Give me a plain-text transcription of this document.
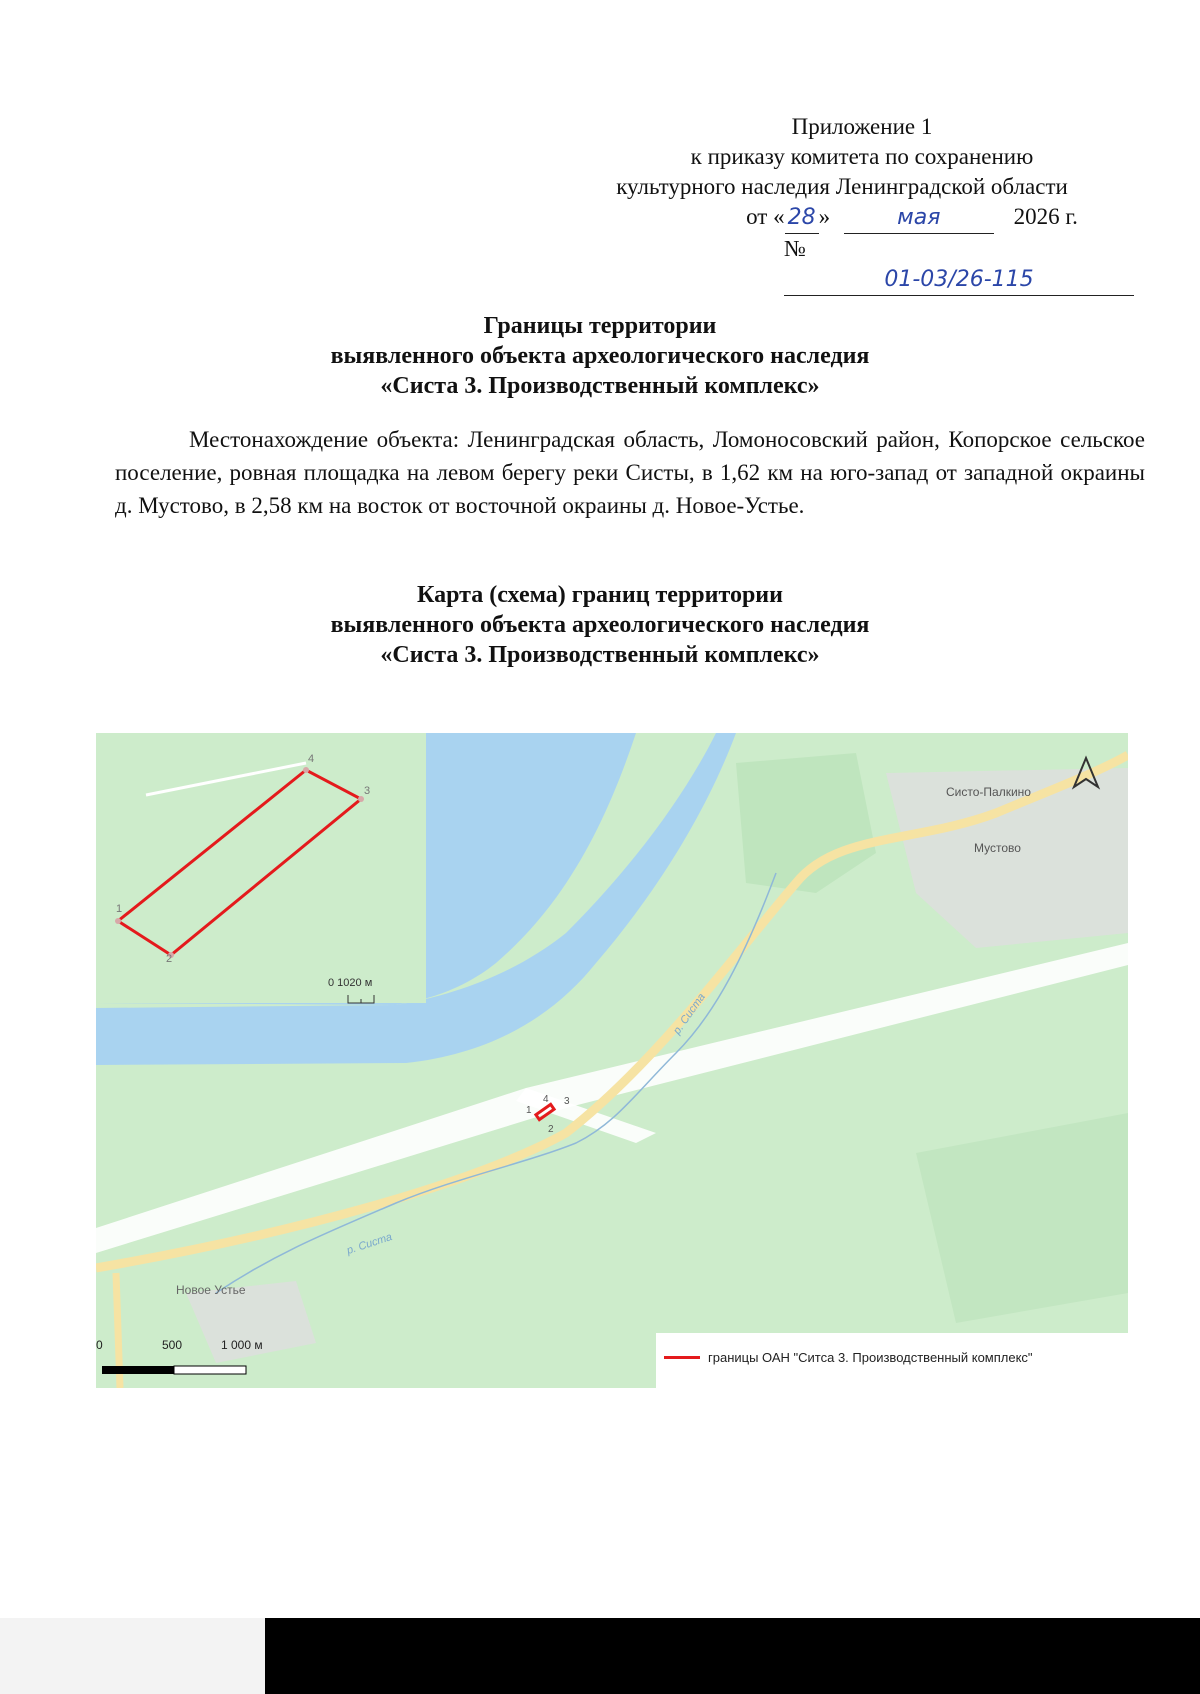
Приложение 1
к приказу комитета по сохранению
культурного наследия Ленинградской области
от « 28 »	мая	2026 г.
№ 01-03/26-115
Границы территории
выявленного объекта археологического наследия
«Систа 3. Производственный комплекс»
Местонахождение объекта: Ленинградская область, Ломоносовский район, Копорское сельское поселение, ровная площадка на левом берегу реки Систы, в 1,62 км на юго-запад от западной окраины д. Мустово, в 2,58 км на восток от восточной окраины д. Новое-Устье.
Карта (схема) границ территории
выявленного объекта археологического наследия
«Систа 3. Производственный комплекс»
Систо-Палкино
Мустово
Новое Устье
р. Систа
р. Систа
1
2
3
4
0 1020 м
1
2
3
4
0	500	1 000 м
границы ОАН "Ситса 3. Производственный комплекс"
